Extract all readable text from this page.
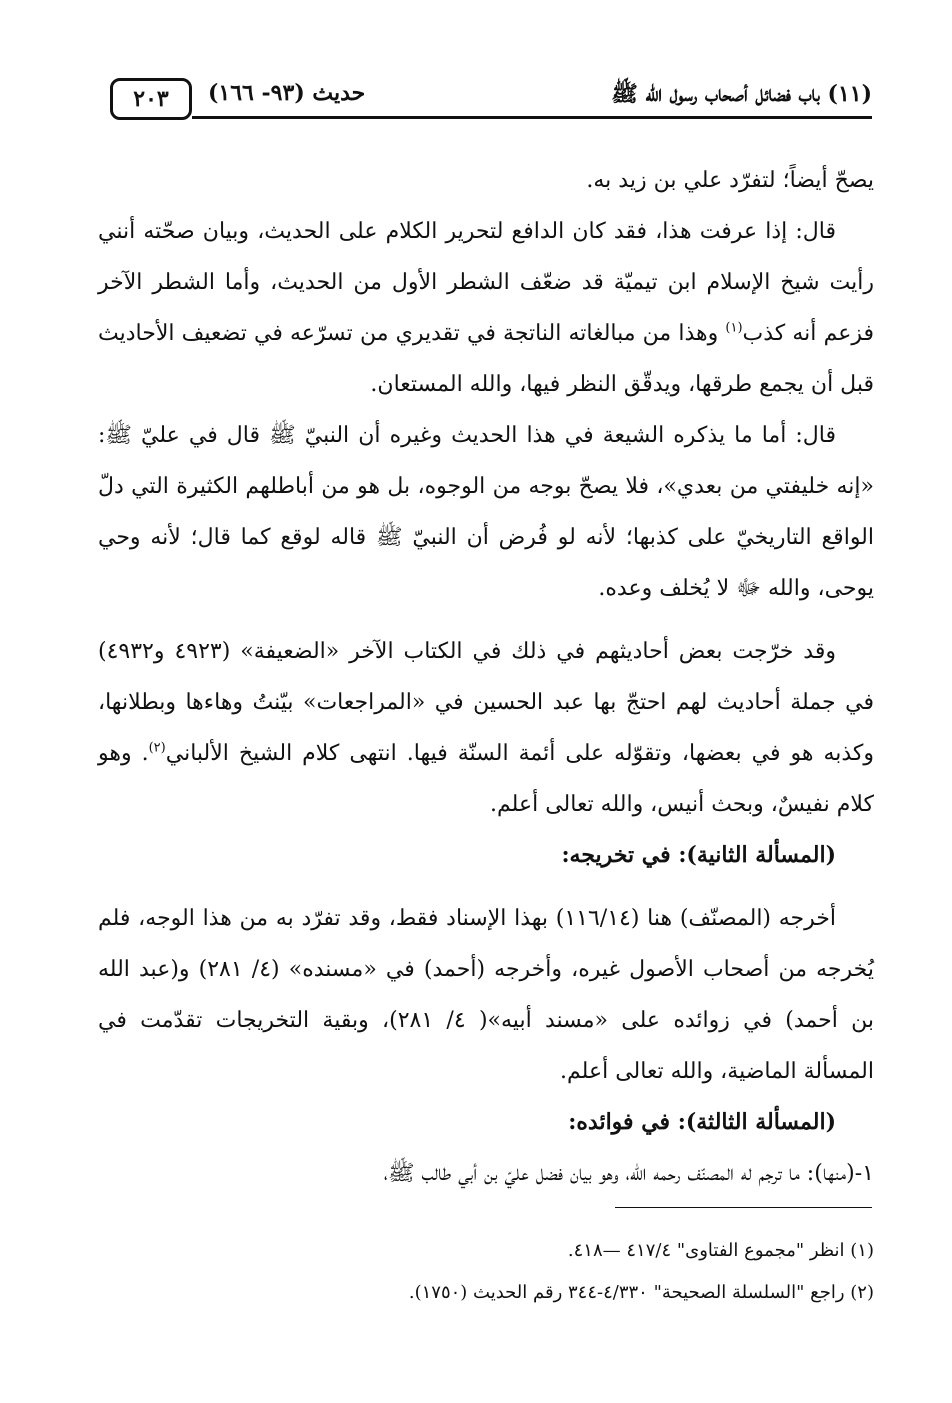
٢٠٣	حديث (٩٣- ١٦٦)	(١١) باب فضائل أصحاب رسول الله ﷺ

يصحّ أيضاً؛ لتفرّد علي بن زيد به.

قال: إذا عرفت هذا، فقد كان الدافع لتحرير الكلام على الحديث، وبيان صحّته أنني رأيت شيخ الإسلام ابن تيميّة قد ضعّف الشطر الأول من الحديث، وأما الشطر الآخر فزعم أنه كذب$^{(١)}$ وهذا من مبالغاته الناتجة في تقديري من تسرّعه في تضعيف الأحاديث قبل أن يجمع طرقها، ويدقّق النظر فيها، والله المستعان.

قال: أما ما يذكره الشيعة في هذا الحديث وغيره أن النبيّ ﷺ قال في عليّ ﷺ: «إنه خليفتي من بعدي»، فلا يصحّ بوجه من الوجوه، بل هو من أباطلهم الكثيرة التي دلّ الواقع التاريخيّ على كذبها؛ لأنه لو فُرض أن النبيّ ﷺ قاله لوقع كما قال؛ لأنه وحي يوحى، والله ﷻ لا يُخلف وعده.

وقد خرّجت بعض أحاديثهم في ذلك في الكتاب الآخر «الضعيفة» (٤٩٢٣ و٤٩٣٢) في جملة أحاديث لهم احتجّ بها عبد الحسين في «المراجعات» بيّنتُ وهاءها وبطلانها، وكذبه هو في بعضها، وتقوّله على أئمة السنّة فيها. انتهى كلام الشيخ الألباني$^{(٢)}$. وهو كلام نفيسٌ، وبحث أنيس، والله تعالى أعلم.

(المسألة الثانية): في تخريجه:

أخرجه (المصنّف) هنا (١١٦/١٤) بهذا الإسناد فقط، وقد تفرّد به من هذا الوجه، فلم يُخرجه من أصحاب الأصول غيره، وأخرجه (أحمد) في «مسنده» (٤/ ٢٨١) و(عبد الله بن أحمد) في زوائده على «مسند أبيه»( ٤/ ٢٨١)، وبقية التخريجات تقدّمت في المسألة الماضية، والله تعالى أعلم.

(المسألة الثالثة): في فوائده:

١-(منها): ما ترجم له المصنّف رحمه الله، وهو بيان فضل عليّ بن أبي طالب ﷺ،

(١) انظر "مجموع الفتاوى" ٤١٧/٤ —٤١٨.

(٢) راجع "السلسلة الصحيحة" ٤/٣٣٠-٣٤٤ رقم الحديث (١٧٥٠).
